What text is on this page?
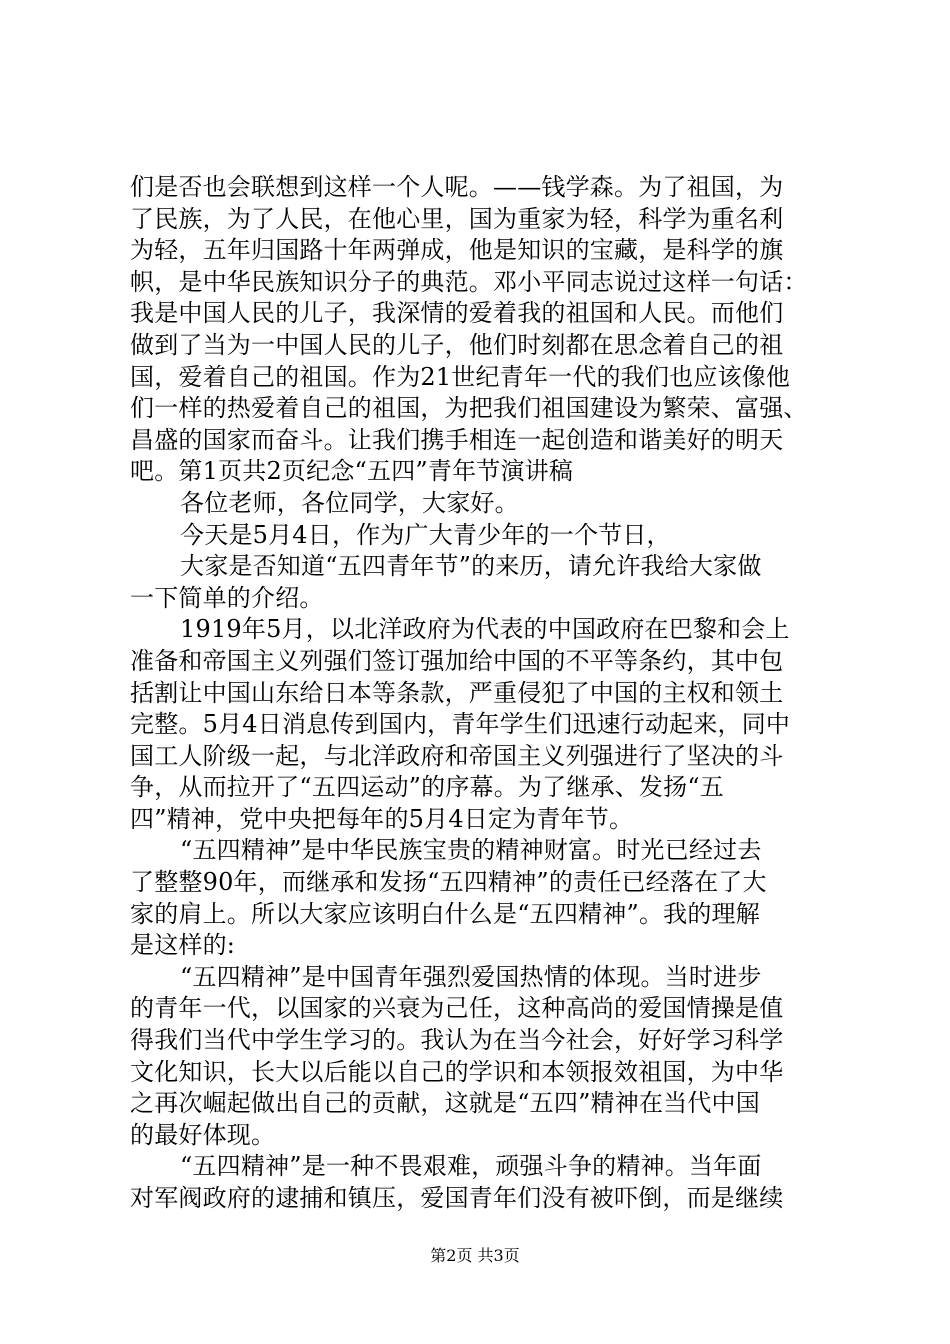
们是否也会联想到这样一个人呢。——钱学森。为了祖国，为
了民族，为了人民，在他心里，国为重家为轻，科学为重名利
为轻，五年归国路十年两弹成，他是知识的宝藏，是科学的旗
帜，是中华民族知识分子的典范。邓小平同志说过这样一句话：
我是中国人民的儿子，我深情的爱着我的祖国和人民。而他们
做到了当为一中国人民的儿子，他们时刻都在思念着自己的祖
国，爱着自己的祖国。作为21世纪青年一代的我们也应该像他
们一样的热爱着自己的祖国，为把我们祖国建设为繁荣、富强、
昌盛的国家而奋斗。让我们携手相连一起创造和谐美好的明天
吧。第1页共2页纪念“五四”青年节演讲稿
各位老师，各位同学，大家好。
今天是5月4日，作为广大青少年的一个节日，
大家是否知道“五四青年节”的来历，请允许我给大家做
一下简单的介绍。
1919年5月，以北洋政府为代表的中国政府在巴黎和会上
准备和帝国主义列强们签订强加给中国的不平等条约，其中包
括割让中国山东给日本等条款，严重侵犯了中国的主权和领土
完整。5月4日消息传到国内，青年学生们迅速行动起来，同中
国工人阶级一起，与北洋政府和帝国主义列强进行了坚决的斗
争，从而拉开了“五四运动”的序幕。为了继承、发扬“五
四”精神，党中央把每年的5月4日定为青年节。
“五四精神”是中华民族宝贵的精神财富。时光已经过去
了整整90年，而继承和发扬“五四精神”的责任已经落在了大
家的肩上。所以大家应该明白什么是“五四精神”。我的理解
是这样的:
“五四精神”是中国青年强烈爱国热情的体现。当时进步
的青年一代，以国家的兴衰为己任，这种高尚的爱国情操是值
得我们当代中学生学习的。我认为在当今社会，好好学习科学
文化知识，长大以后能以自己的学识和本领报效祖国，为中华
之再次崛起做出自己的贡献，这就是“五四”精神在当代中国
的最好体现。
“五四精神”是一种不畏艰难，顽强斗争的精神。当年面
对军阀政府的逮捕和镇压，爱国青年们没有被吓倒，而是继续
第2页 共3页
